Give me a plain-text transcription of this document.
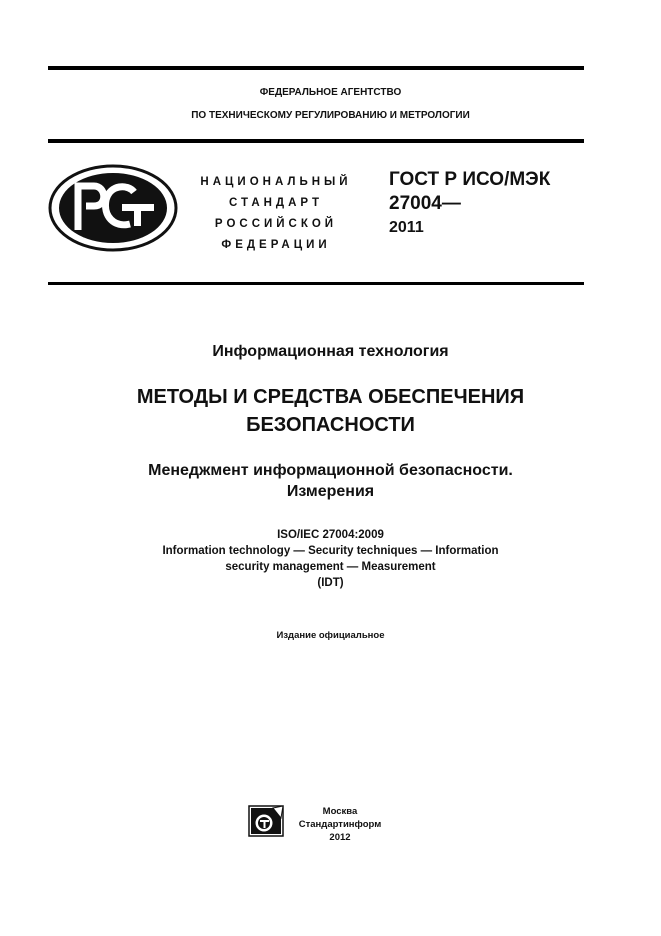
ФЕДЕРАЛЬНОЕ АГЕНТСТВО
ПО ТЕХНИЧЕСКОМУ РЕГУЛИРОВАНИЮ И МЕТРОЛОГИИ
НАЦИОНАЛЬНЫЙ
СТАНДАРТ
РОССИЙСКОЙ
ФЕДЕРАЦИИ
ГОСТ Р ИСО/МЭК
27004—
2011
Информационная технология
МЕТОДЫ И СРЕДСТВА ОБЕСПЕЧЕНИЯ
БЕЗОПАСНОСТИ
Менеджмент информационной безопасности.
Измерения
ISO/IEC 27004:2009
Information technology — Security techniques — Information
security management — Measurement
(IDT)
Издание официальное
Москва
Стандартинформ
2012
